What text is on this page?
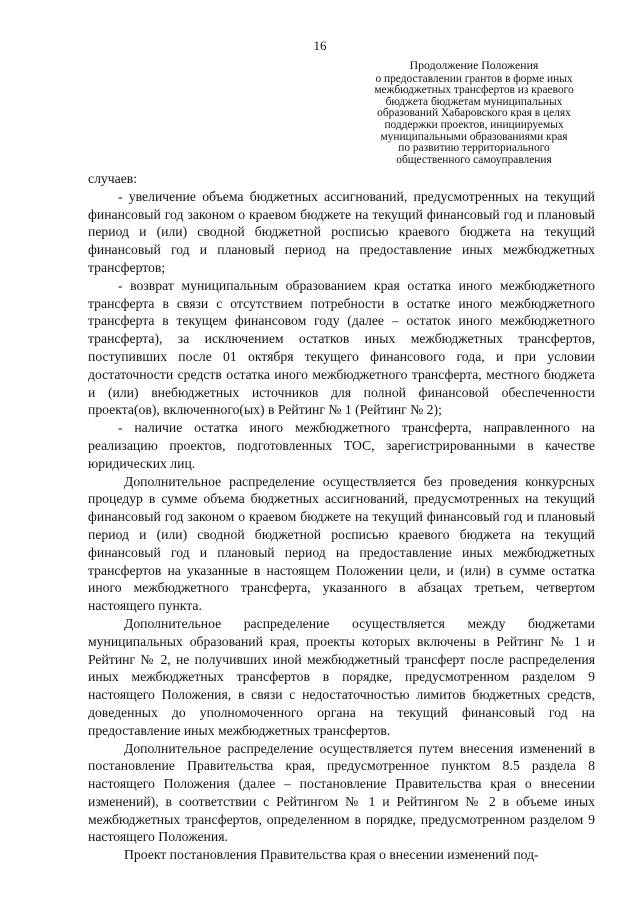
16
Продолжение Положения
о предоставлении грантов в форме иных
межбюджетных трансфертов из краевого
бюджета бюджетам муниципальных
образований Хабаровского края в целях
поддержки проектов, инициируемых
муниципальными образованиями края
по развитию территориального
общественного самоуправления

случаев:

- увеличение объема бюджетных ассигнований, предусмотренных на текущий финансовый год законом о краевом бюджете на текущий финансовый год и плановый период и (или) сводной бюджетной росписью краевого бюджета на текущий финансовый год и плановый период на предоставление иных межбюджетных трансфертов;

- возврат муниципальным образованием края остатка иного межбюджетного трансферта в связи с отсутствием потребности в остатке иного межбюджетного трансферта в текущем финансовом году (далее – остаток иного межбюджетного трансферта), за исключением остатков иных межбюджетных трансфертов, поступивших после 01 октября текущего финансового года, и при условии достаточности средств остатка иного межбюджетного трансферта, местного бюджета и (или) внебюджетных источников для полной финансовой обеспеченности проекта(ов), включенного(ых) в Рейтинг № 1 (Рейтинг № 2);

- наличие остатка иного межбюджетного трансферта, направленного на реализацию проектов, подготовленных ТОС, зарегистрированными в качестве юридических лиц.

Дополнительное распределение осуществляется без проведения конкурсных процедур в сумме объема бюджетных ассигнований, предусмотренных на текущий финансовый год законом о краевом бюджете на текущий финансовый год и плановый период и (или) сводной бюджетной росписью краевого бюджета на текущий финансовый год и плановый период на предоставление иных межбюджетных трансфертов на указанные в настоящем Положении цели, и (или) в сумме остатка иного межбюджетного трансферта, указанного в абзацах третьем, четвертом настоящего пункта.

Дополнительное распределение осуществляется между бюджетами муниципальных образований края, проекты которых включены в Рейтинг № 1 и Рейтинг № 2, не получивших иной межбюджетный трансферт после распределения иных межбюджетных трансфертов в порядке, предусмотренном разделом 9 настоящего Положения, в связи с недостаточностью лимитов бюджетных средств, доведенных до уполномоченного органа на текущий финансовый год на предоставление иных межбюджетных трансфертов.

Дополнительное распределение осуществляется путем внесения изменений в постановление Правительства края, предусмотренное пунктом 8.5 раздела 8 настоящего Положения (далее – постановление Правительства края о внесении изменений), в соответствии с Рейтингом № 1 и Рейтингом № 2 в объеме иных межбюджетных трансфертов, определенном в порядке, предусмотренном разделом 9 настоящего Положения.

Проект постановления Правительства края о внесении изменений под-
